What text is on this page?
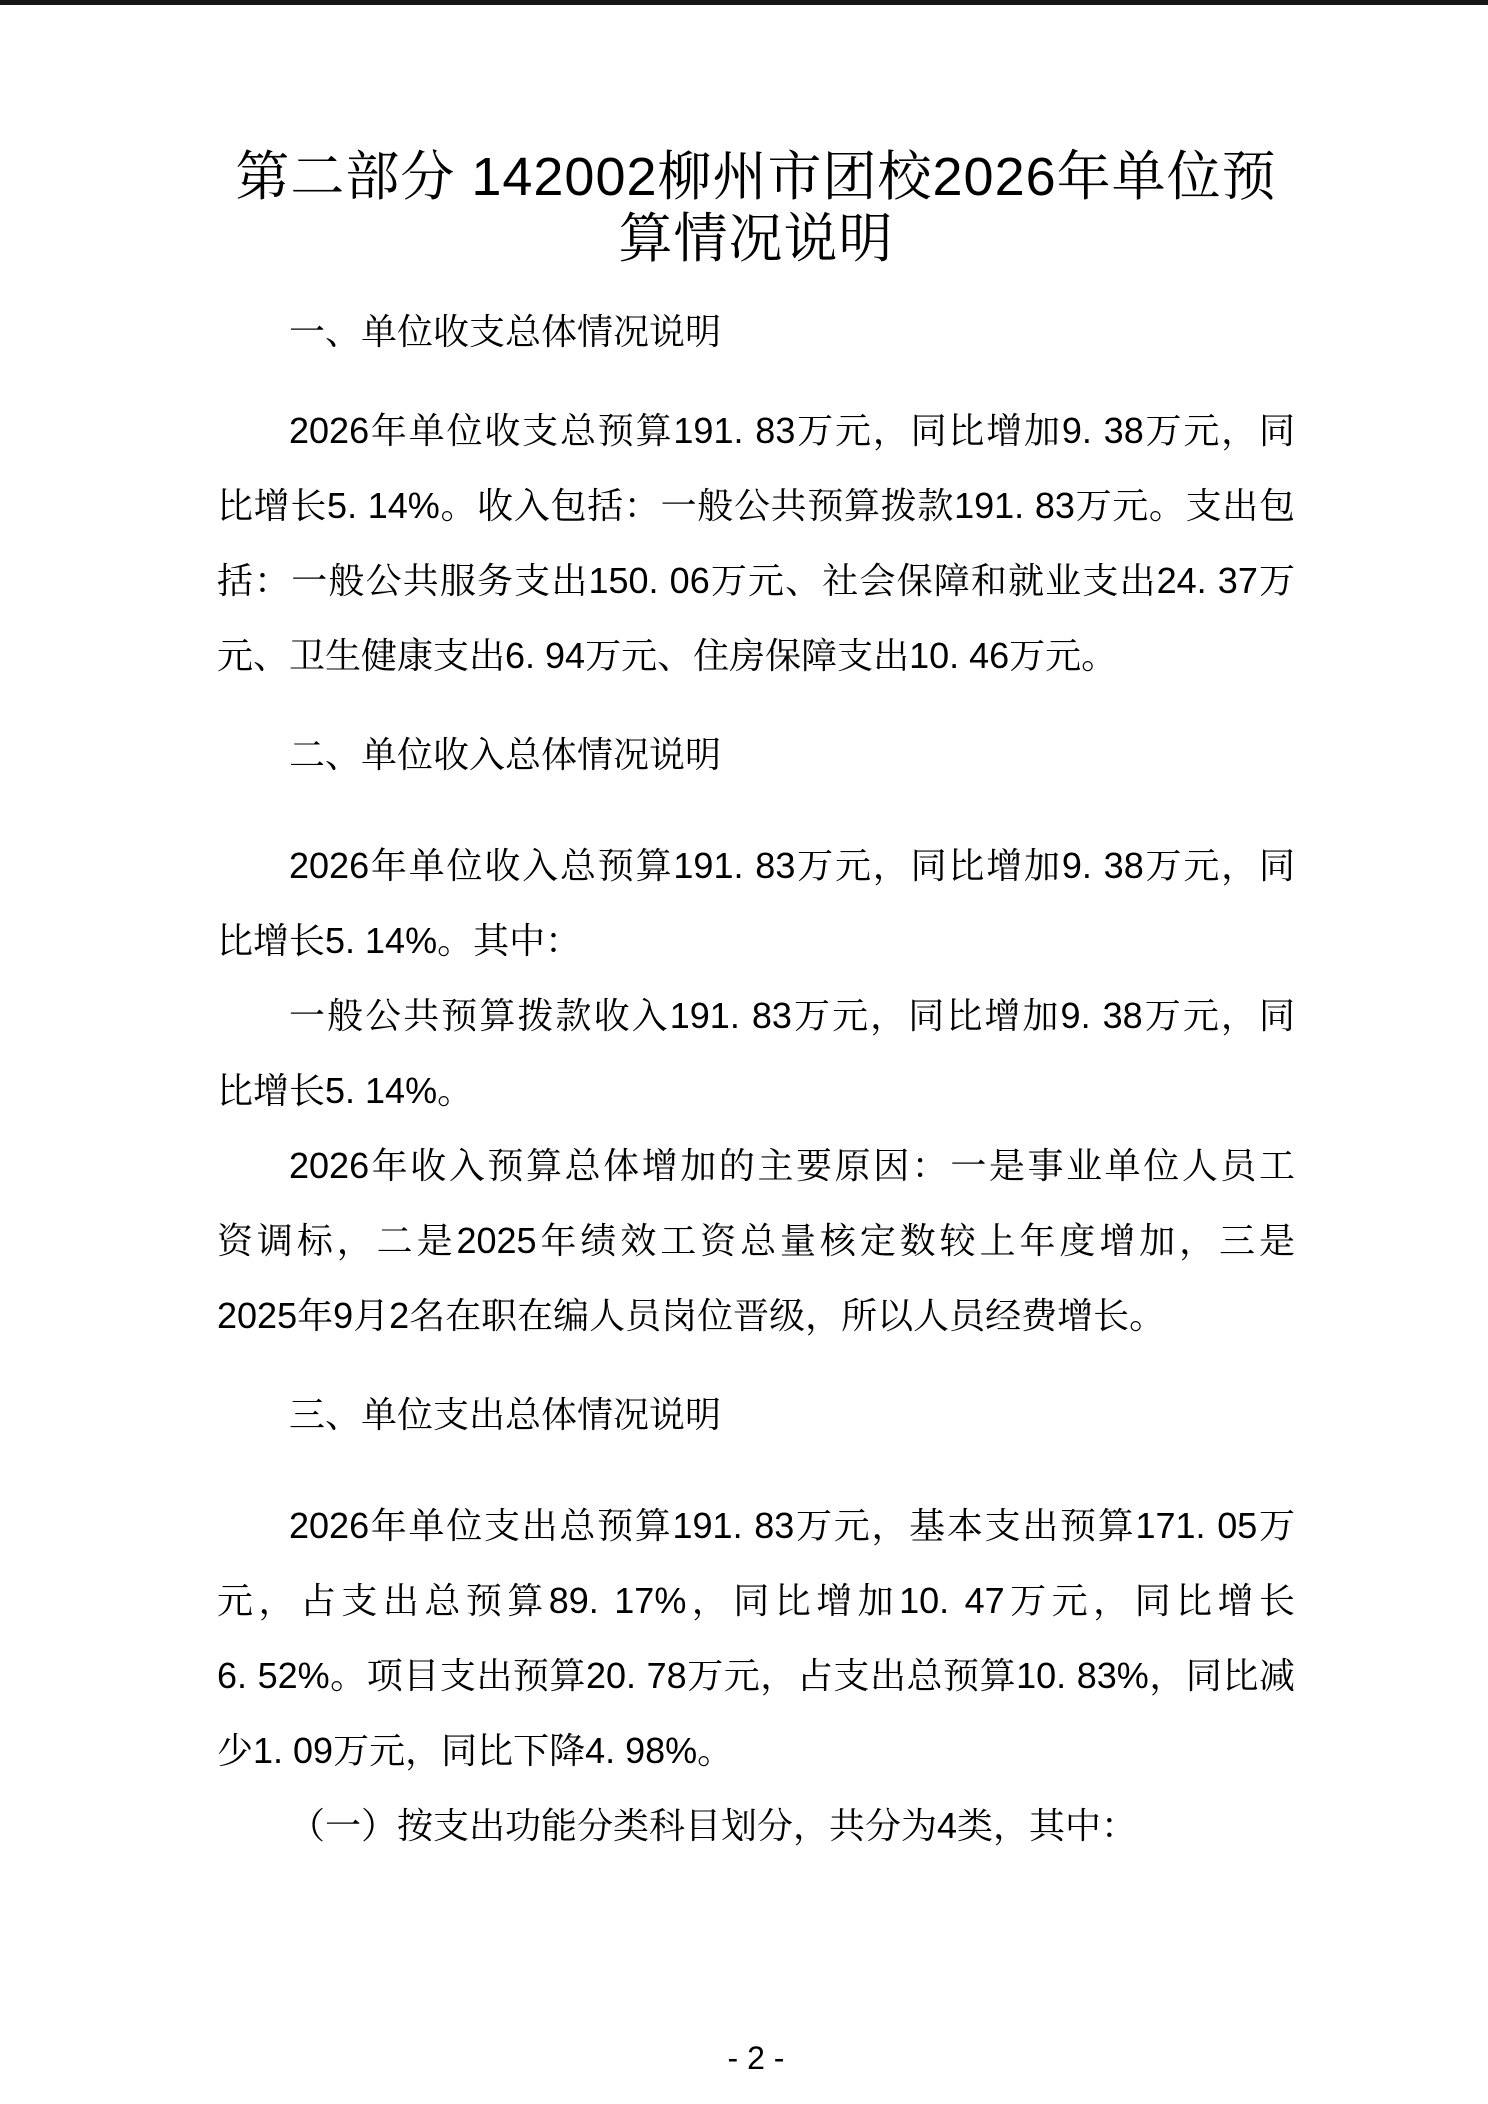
第二部分 142002柳州市团校2026年单位预
算情况说明
一、单位收支总体情况说明
2026年单位收支总预算191. 83万元，同比增加9. 38万元，同
比增长5. 14%。收入包括：一般公共预算拨款191. 83万元。支出包
括：一般公共服务支出150. 06万元、社会保障和就业支出24. 37万
元、卫生健康支出6. 94万元、住房保障支出10. 46万元。
二、单位收入总体情况说明
2026年单位收入总预算191. 83万元，同比增加9. 38万元，同
比增长5. 14%。其中：
一般公共预算拨款收入191. 83万元，同比增加9. 38万元，同
比增长5. 14%。
2026年收入预算总体增加的主要原因：一是事业单位人员工
资调标，二是2025年绩效工资总量核定数较上年度增加，三是
2025年9月2名在职在编人员岗位晋级，所以人员经费增长。
三、单位支出总体情况说明
2026年单位支出总预算191. 83万元，基本支出预算171. 05万
元，占支出总预算89. 17%，同比增加10. 47万元，同比增长
6. 52%。项目支出预算20. 78万元，占支出总预算10. 83%，同比减
少1. 09万元，同比下降4. 98%。
（一）按支出功能分类科目划分，共分为4类，其中：
- 2 -
